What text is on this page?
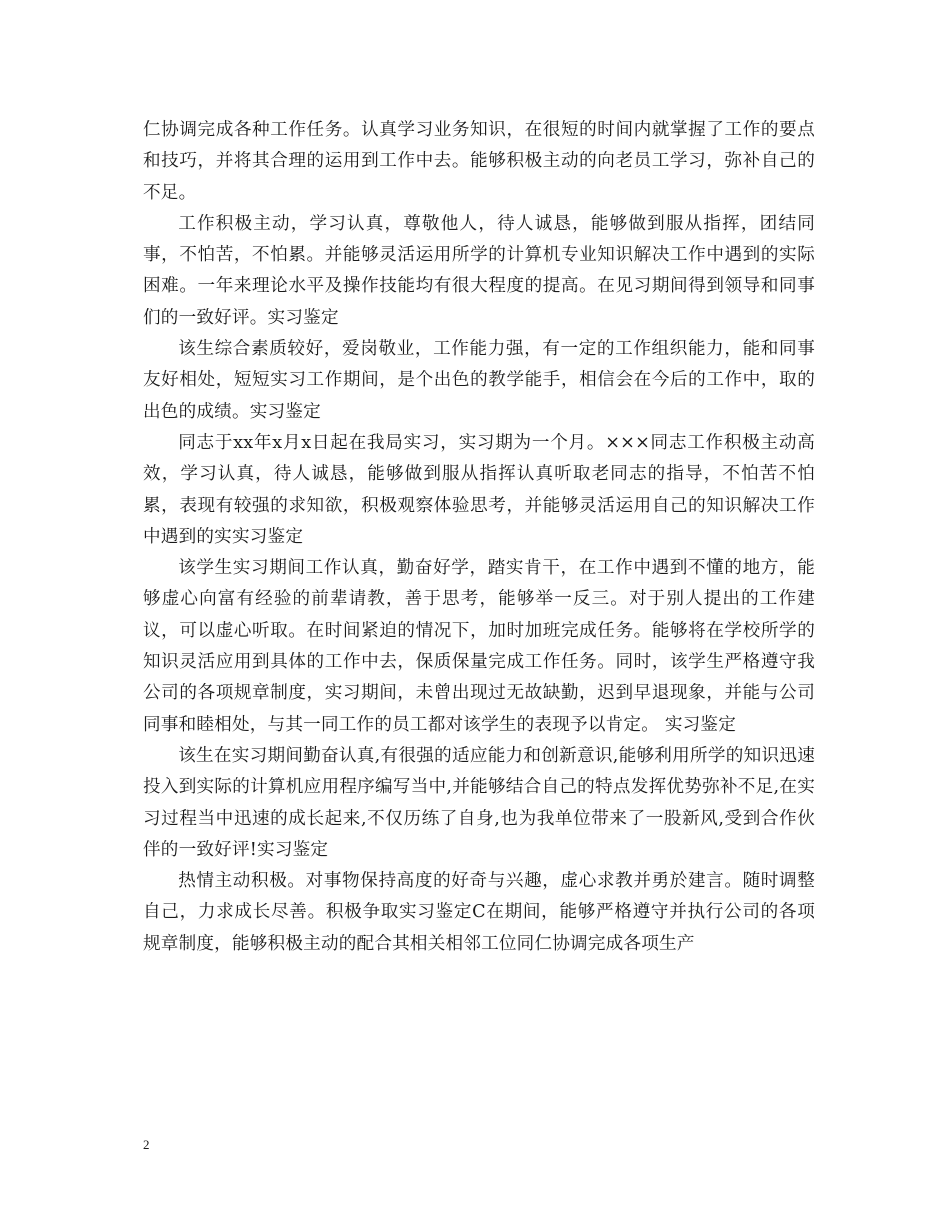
仁协调完成各种工作任务。认真学习业务知识，在很短的时间内就掌握了工作的要点和技巧，并将其合理的运用到工作中去。能够积极主动的向老员工学习，弥补自己的不足。

工作积极主动，学习认真，尊敬他人，待人诚恳，能够做到服从指挥，团结同事，不怕苦，不怕累。并能够灵活运用所学的计算机专业知识解决工作中遇到的实际困难。一年来理论水平及操作技能均有很大程度的提高。在见习期间得到领导和同事们的一致好评。实习鉴定

该生综合素质较好，爱岗敬业，工作能力强，有一定的工作组织能力，能和同事友好相处，短短实习工作期间，是个出色的教学能手，相信会在今后的工作中，取的出色的成绩。实习鉴定

同志于xx年x月x日起在我局实习，实习期为一个月。×××同志工作积极主动高效，学习认真，待人诚恳，能够做到服从指挥认真听取老同志的指导，不怕苦不怕累，表现有较强的求知欲，积极观察体验思考，并能够灵活运用自己的知识解决工作中遇到的实实习鉴定

该学生实习期间工作认真，勤奋好学，踏实肯干，在工作中遇到不懂的地方，能够虚心向富有经验的前辈请教，善于思考，能够举一反三。对于别人提出的工作建议，可以虚心听取。在时间紧迫的情况下，加时加班完成任务。能够将在学校所学的知识灵活应用到具体的工作中去，保质保量完成工作任务。同时，该学生严格遵守我公司的各项规章制度，实习期间，未曾出现过无故缺勤，迟到早退现象，并能与公司同事和睦相处，与其一同工作的员工都对该学生的表现予以肯定。 实习鉴定

该生在实习期间勤奋认真,有很强的适应能力和创新意识,能够利用所学的知识迅速投入到实际的计算机应用程序编写当中,并能够结合自己的特点发挥优势弥补不足,在实习过程当中迅速的成长起来,不仅历练了自身,也为我单位带来了一股新风,受到合作伙伴的一致好评!实习鉴定

热情主动积极。对事物保持高度的好奇与兴趣，虚心求教并勇於建言。随时调整自己，力求成长尽善。积极争取实习鉴定C在期间，能够严格遵守并执行公司的各项规章制度，能够积极主动的配合其相关相邻工位同仁协调完成各项生产

2
